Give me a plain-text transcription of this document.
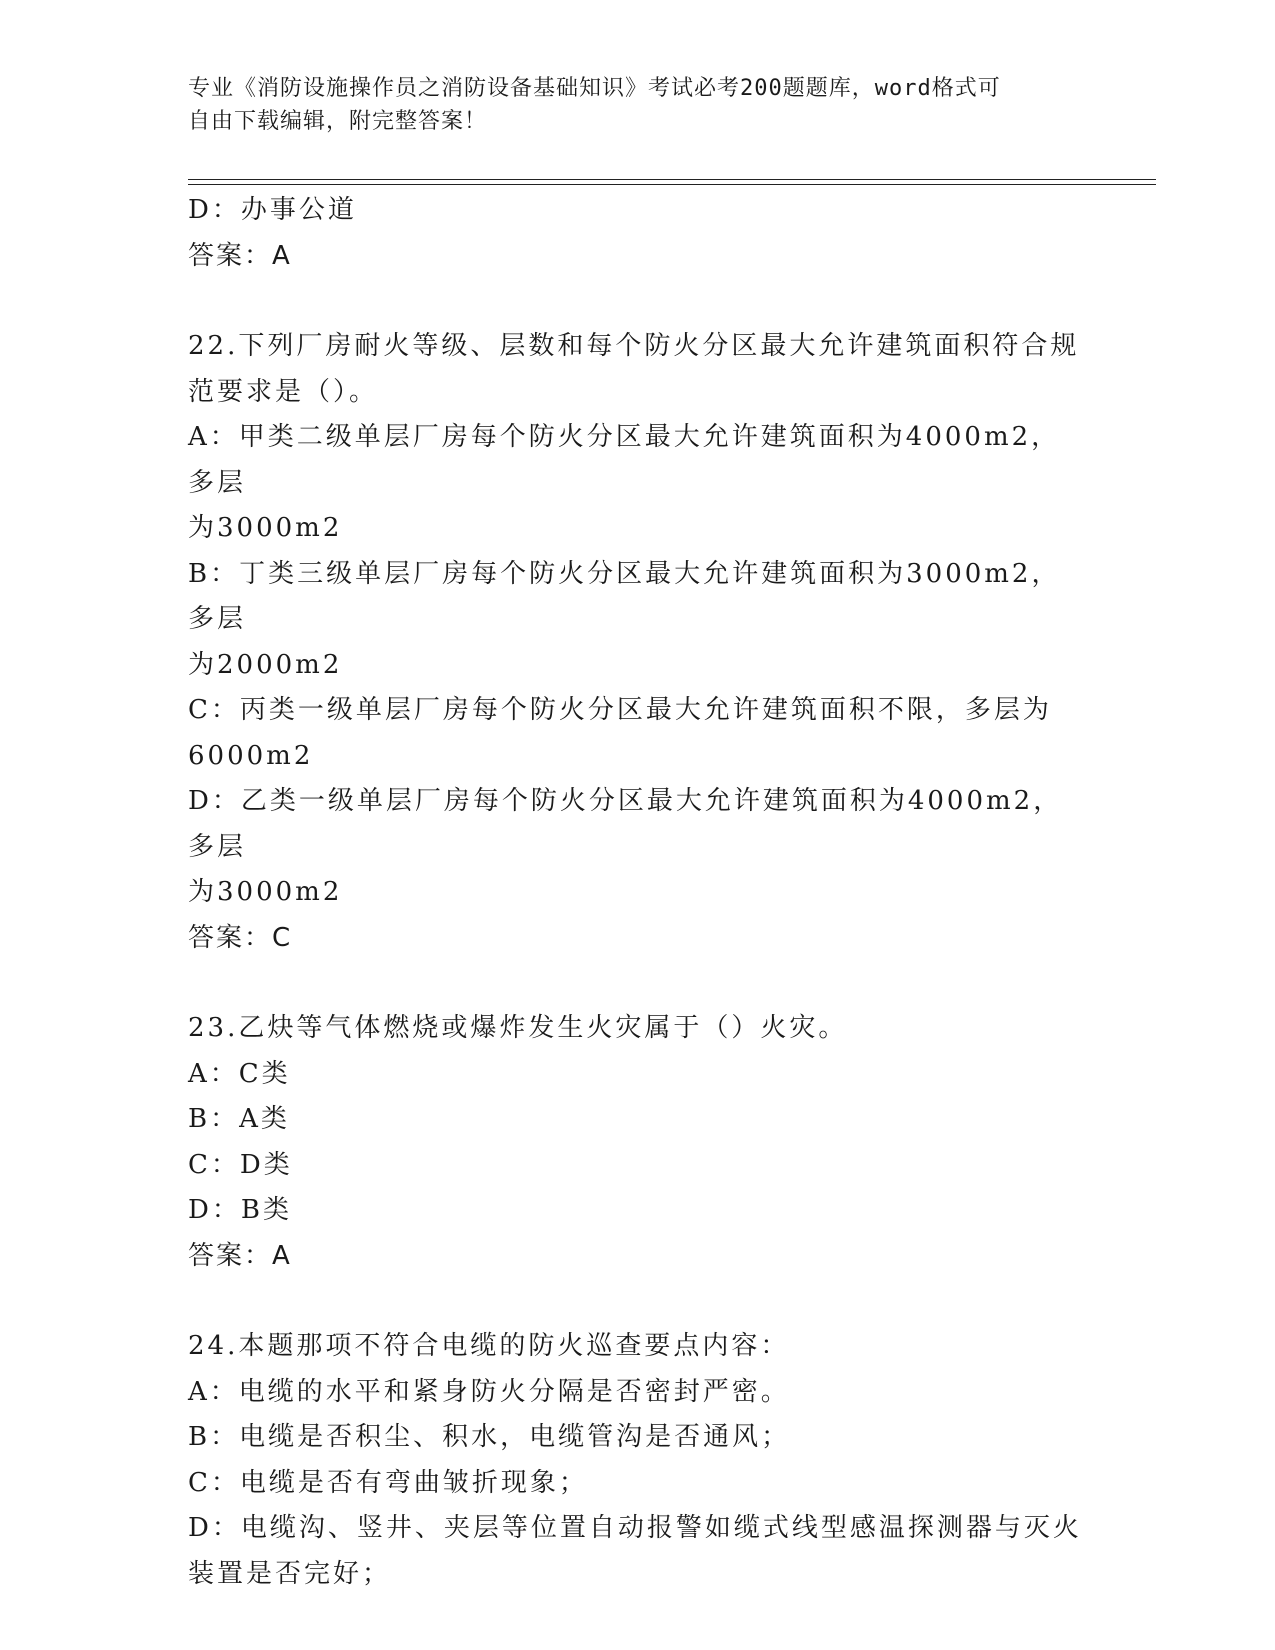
专业《消防设施操作员之消防设备基础知识》考试必考200题题库，word格式可
自由下载编辑，附完整答案！
D：办事公道
答案：A
22.下列厂房耐火等级、层数和每个防火分区最大允许建筑面积符合规
范要求是（）。
A：甲类二级单层厂房每个防火分区最大允许建筑面积为4000m2，多层
为3000m2
B：丁类三级单层厂房每个防火分区最大允许建筑面积为3000m2，多层
为2000m2
C：丙类一级单层厂房每个防火分区最大允许建筑面积不限，多层为
6000m2
D：乙类一级单层厂房每个防火分区最大允许建筑面积为4000m2，多层
为3000m2
答案：C
23.乙炔等气体燃烧或爆炸发生火灾属于（）火灾。
A：C类
B：A类
C：D类
D：B类
答案：A
24.本题那项不符合电缆的防火巡查要点内容：
A：电缆的水平和紧身防火分隔是否密封严密。
B：电缆是否积尘、积水，电缆管沟是否通风；
C：电缆是否有弯曲皱折现象；
D：电缆沟、竖井、夹层等位置自动报警如缆式线型感温探测器与灭火
装置是否完好；
